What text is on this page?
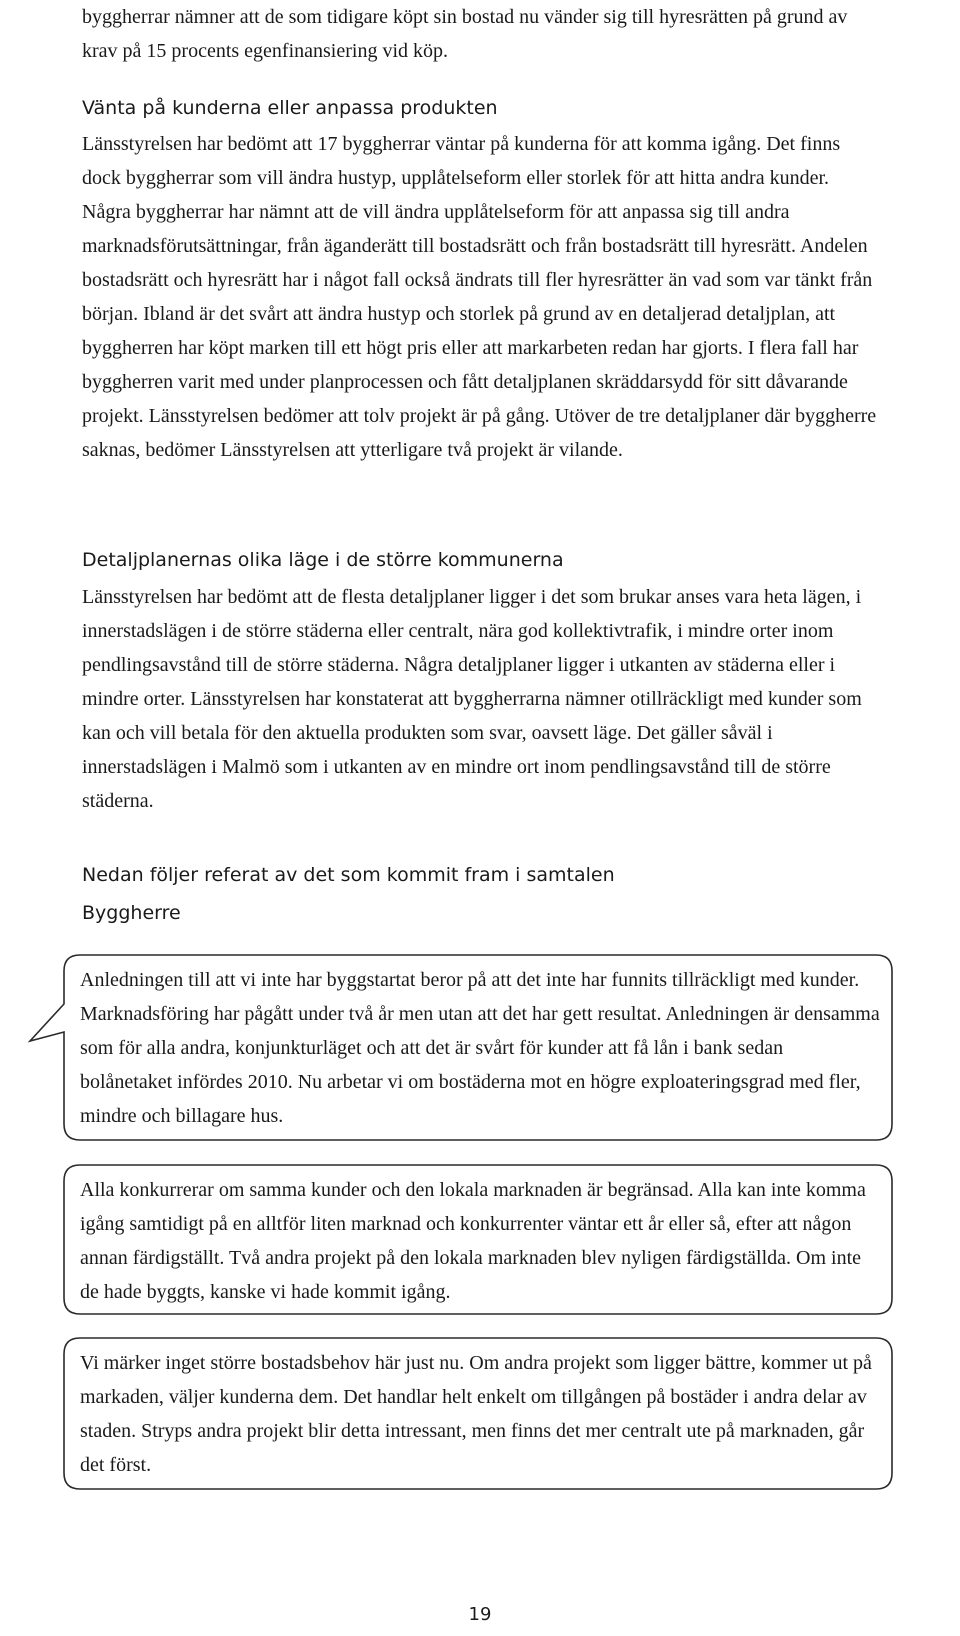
byggherrar nämner att de som tidigare köpt sin bostad nu vänder sig till hyresrätten på grund av krav på 15 procents egenfinansiering vid köp.

Vänta på kunderna eller anpassa produkten

Länsstyrelsen har bedömt att 17 byggherrar väntar på kunderna för att komma igång. Det finns dock byggherrar som vill ändra hustyp, upplåtelseform eller storlek för att hitta andra kunder. Några byggherrar har nämnt att de vill ändra upplåtelseform för att anpassa sig till andra marknadsförutsättningar, från äganderätt till bostadsrätt och från bostadsrätt till hyresrätt. Andelen bostadsrätt och hyresrätt har i något fall också ändrats till fler hyresrätter än vad som var tänkt från början. Ibland är det svårt att ändra hustyp och storlek på grund av en detaljerad detaljplan, att byggherren har köpt marken till ett högt pris eller att markarbeten redan har gjorts. I flera fall har byggherren varit med under planprocessen och fått detaljplanen skräddarsydd för sitt dåvarande projekt. Länsstyrelsen bedömer att tolv projekt är på gång. Utöver de tre detaljplaner där byggherre saknas, bedömer Länsstyrelsen att ytterligare två projekt är vilande.

Detaljplanernas olika läge i de större kommunerna

Länsstyrelsen har bedömt att de flesta detaljplaner ligger i det som brukar anses vara heta lägen, i innerstadslägen i de större städerna eller centralt, nära god kollektivtrafik, i mindre orter inom pendlingsavstånd till de större städerna. Några detaljplaner ligger i utkanten av städerna eller i mindre orter. Länsstyrelsen har konstaterat att byggherrarna nämner otillräckligt med kunder som kan och vill betala för den aktuella produkten som svar, oavsett läge. Det gäller såväl i innerstadslägen i Malmö som i utkanten av en mindre ort inom pendlingsavstånd till de större städerna.

Nedan följer referat av det som kommit fram i samtalen

Byggherre

Anledningen till att vi inte har byggstartat beror på att det inte har funnits tillräckligt med kunder. Marknadsföring har pågått under två år men utan att det har gett resultat. Anledningen är densamma som för alla andra, konjunkturläget och att det är svårt för kunder att få lån i bank sedan bolånetaket infördes 2010. Nu arbetar vi om bostäderna mot en högre exploateringsgrad med fler, mindre och billagare hus.

Alla konkurrerar om samma kunder och den lokala marknaden är begränsad. Alla kan inte komma igång samtidigt på en alltför liten marknad och konkurrenter väntar ett år eller så, efter att någon annan färdigställt. Två andra projekt på den lokala marknaden blev nyligen färdigställda. Om inte de hade byggts, kanske vi hade kommit igång.

Vi märker inget större bostadsbehov här just nu. Om andra projekt som ligger bättre, kommer ut på markaden, väljer kunderna dem. Det handlar helt enkelt om tillgången på bostäder i andra delar av staden. Stryps andra projekt blir detta intressant, men finns det mer centralt ute på marknaden, går det först.

19
